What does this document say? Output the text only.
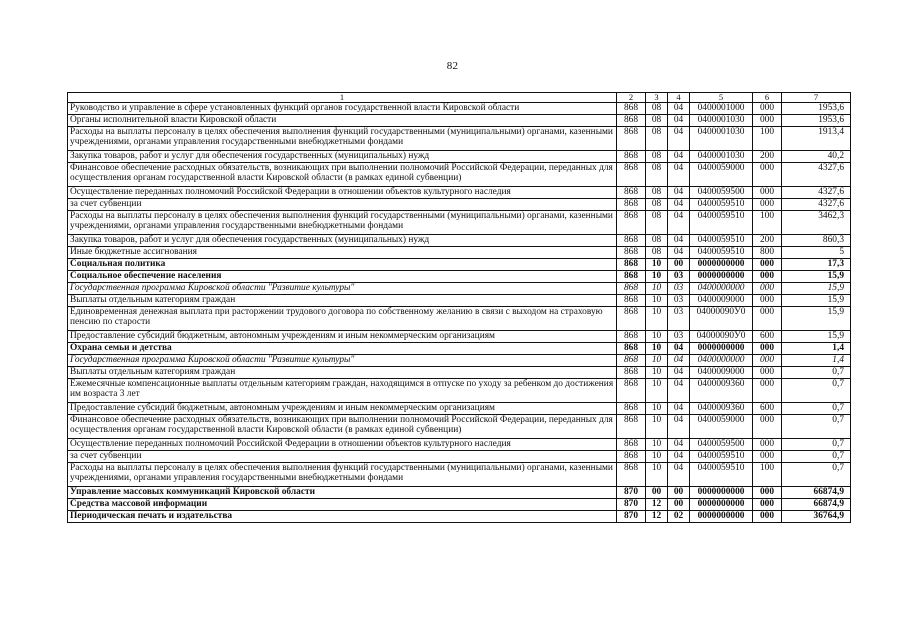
82
1	2	3	4	5	6	7
Руководство и управление в сфере установленных функций органов государственной власти Кировской области	868	08	04	0400001000	000	1953,6
Органы исполнительной власти Кировской области	868	08	04	0400001030	000	1953,6
Расходы на выплаты персоналу в целях обеспечения выполнения функций государственными (муниципальными) органами, казенными учреждениями, органами управления государственными внебюджетными фондами	868	08	04	0400001030	100	1913,4
Закупка товаров, работ и услуг для обеспечения государственных (муниципальных) нужд	868	08	04	0400001030	200	40,2
Финансовое обеспечение расходных обязательств, возникающих при выполнении полномочий Российской Федерации, переданных для осуществления органам государственной власти Кировской области (в рамках единой субвенции)	868	08	04	0400059000	000	4327,6
Осуществление переданных полномочий Российской Федерации в отношении объектов культурного наследия	868	08	04	0400059500	000	4327,6
за счет субвенции	868	08	04	0400059510	000	4327,6
Расходы на выплаты персоналу в целях обеспечения выполнения функций государственными (муниципальными) органами, казенными учреждениями, органами управления государственными внебюджетными фондами	868	08	04	0400059510	100	3462,3
Закупка товаров, работ и услуг для обеспечения государственных (муниципальных) нужд	868	08	04	0400059510	200	860,3
Иные бюджетные ассигнования	868	08	04	0400059510	800	5
Социальная политика	868	10	00	0000000000	000	17,3
Социальное обеспечение населения	868	10	03	0000000000	000	15,9
Государственная программа Кировской области "Развитие культуры"	868	10	03	0400000000	000	15,9
Выплаты отдельным категориям граждан	868	10	03	0400009000	000	15,9
Единовременная денежная выплата при расторжении трудового договора по собственному желанию в связи с выходом на страховую пенсию по старости	868	10	03	04000090У0	000	15,9
Предоставление субсидий бюджетным, автономным учреждениям и иным некоммерческим организациям	868	10	03	04000090У0	600	15,9
Охрана семьи и детства	868	10	04	0000000000	000	1,4
Государственная программа Кировской области "Развитие культуры"	868	10	04	0400000000	000	1,4
Выплаты отдельным категориям граждан	868	10	04	0400009000	000	0,7
Ежемесячные компенсационные выплаты отдельным категориям граждан, находящимся в отпуске по уходу за ребенком до достижения им возраста 3 лет	868	10	04	0400009360	000	0,7
Предоставление субсидий бюджетным, автономным учреждениям и иным некоммерческим организациям	868	10	04	0400009360	600	0,7
Финансовое обеспечение расходных обязательств, возникающих при выполнении полномочий Российской Федерации, переданных для осуществления органам государственной власти Кировской области (в рамках единой субвенции)	868	10	04	0400059000	000	0,7
Осуществление переданных полномочий Российской Федерации в отношении объектов культурного наследия	868	10	04	0400059500	000	0,7
за счет субвенции	868	10	04	0400059510	000	0,7
Расходы на выплаты персоналу в целях обеспечения выполнения функций государственными (муниципальными) органами, казенными учреждениями, органами управления государственными внебюджетными фондами	868	10	04	0400059510	100	0,7
Управление массовых коммуникаций Кировской области	870	00	00	0000000000	000	66874,9
Средства массовой информации	870	12	00	0000000000	000	66874,9
Периодическая печать и издательства	870	12	02	0000000000	000	36764,9
